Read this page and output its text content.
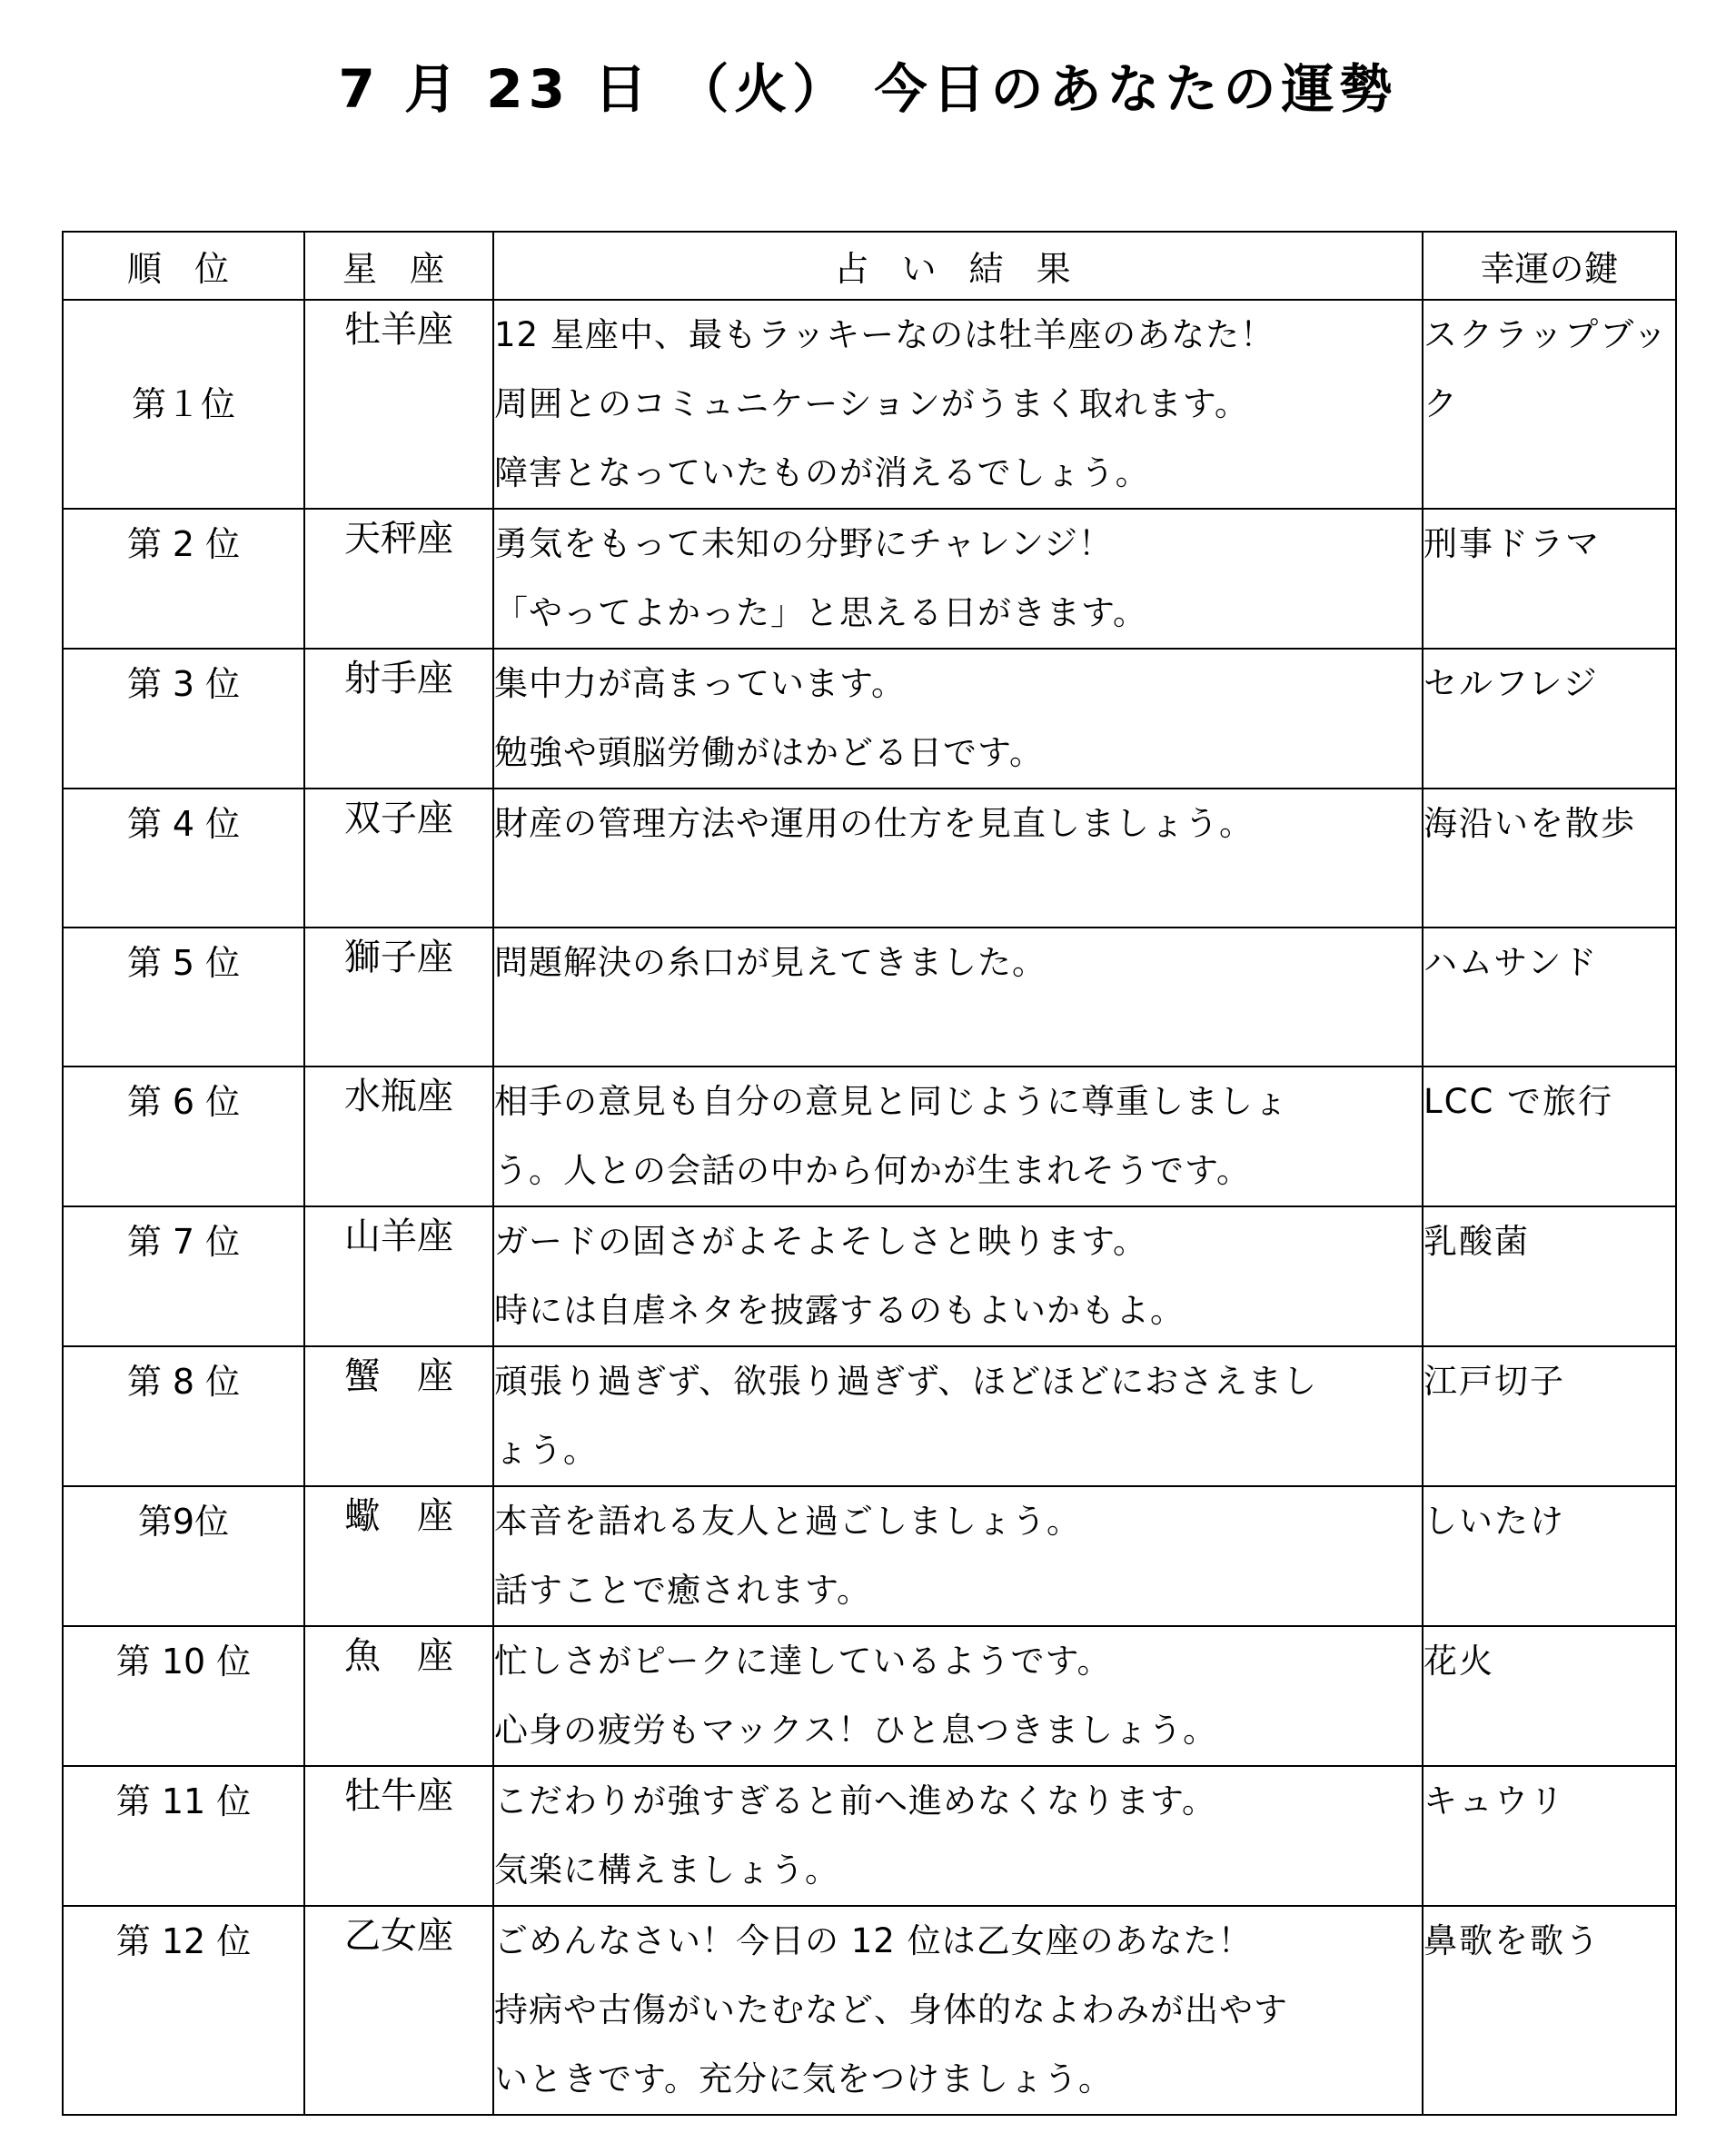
7 月 23 日 （火） 今日のあなたの運勢
順 位	星 座	占 い 結 果	幸運の鍵
第１位	牡羊座	12 星座中、最もラッキーなのは牡羊座のあなた！
周囲とのコミュニケーションがうまく取れます。
障害となっていたものが消えるでしょう。	スクラップブック

第 2 位	天秤座	勇気をもって未知の分野にチャレンジ！
「やってよかった」と思える日がきます。	刑事ドラマ

第 3 位	射手座	集中力が高まっています。
勉強や頭脳労働がはかどる日です。	セルフレジ

第 4 位	双子座	財産の管理方法や運用の仕方を見直しましょう。	海沿いを散歩

第 5 位	獅子座	問題解決の糸口が見えてきました。	ハムサンド

第 6 位	水瓶座	相手の意見も自分の意見と同じように尊重しましょ
う。人との会話の中から何かが生まれそうです。	LCC で旅行

第 7 位	山羊座	ガードの固さがよそよそしさと映ります。
時には自虐ネタを披露するのもよいかもよ。	乳酸菌

第 8 位	蟹座	頑張り過ぎず、欲張り過ぎず、ほどほどにおさえまし
ょう。	江戸切子

第9位	蠍座	本音を語れる友人と過ごしましょう。
話すことで癒されます。	しいたけ

第 10 位	魚座	忙しさがピークに達しているようです。
心身の疲労もマックス！ひと息つきましょう。	花火

第 11 位	牡牛座	こだわりが強すぎると前へ進めなくなります。
気楽に構えましょう。	キュウリ

第 12 位	乙女座	ごめんなさい！今日の 12 位は乙女座のあなた！
持病や古傷がいたむなど、身体的なよわみが出やす
いときです。充分に気をつけましょう。	鼻歌を歌う
